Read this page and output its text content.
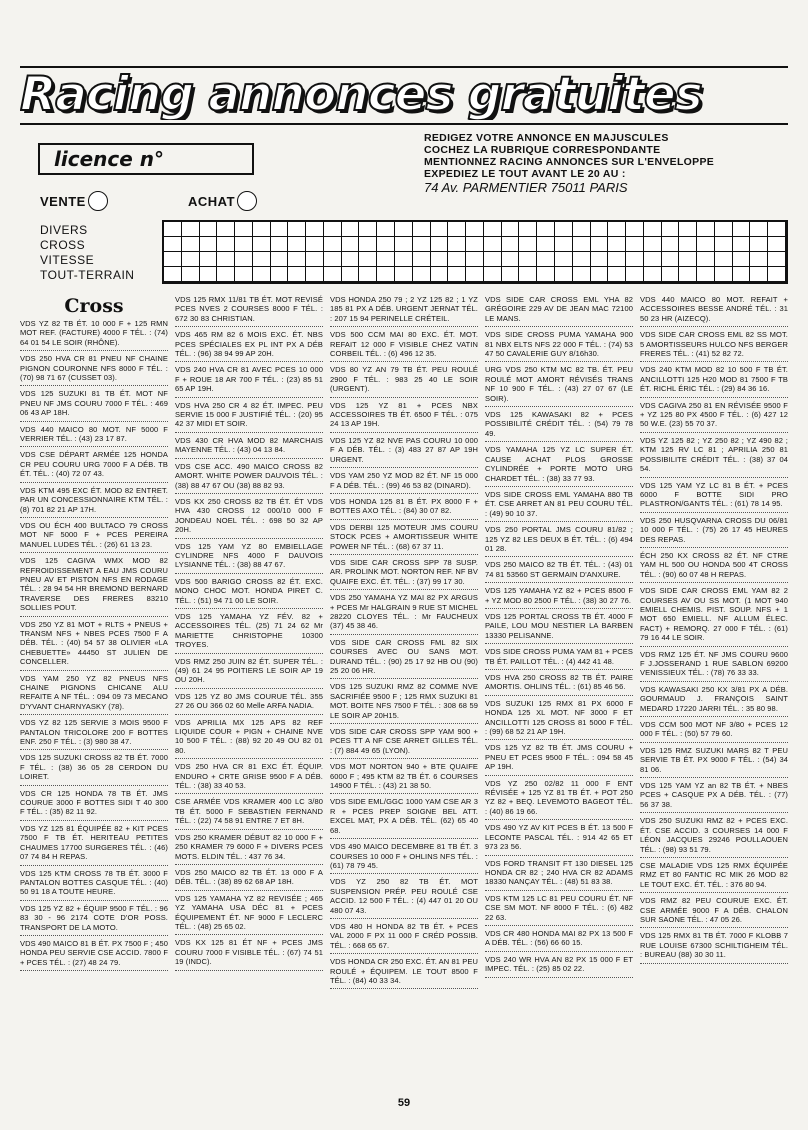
Racing annonces gratuites
licence n°
REDIGEZ VOTRE ANNONCE EN MAJUSCULES
COCHEZ LA RUBRIQUE CORRESPONDANTE
MENTIONNEZ RACING ANNONCES SUR L'ENVELOPPE
EXPEDIEZ LE TOUT AVANT LE 20 AU :
74 Av. PARMENTIER 75011 PARIS
VENTE	ACHAT
DIVERS
CROSS
VITESSE
TOUT-TERRAIN
Cross
VDS YZ 82 TB ÉT. 10 000 F + 125 RMN MOT REF. (FACTURE) 4000 F TÉL. : (74) 64 01 54 LE SOIR (RHÔNE).
VDS 250 HVA CR 81 PNEU NF CHAINE PIGNON COURONNE NFS 8000 F TÉL. : (70) 98 71 67 (CUSSET 03).
VDS 125 SUZUKI 81 TB ÉT. MOT NF PNEU NF JMS COURU 7000 F TÉL. : 469 06 43 AP 18H.
VDS 440 MAICO 80 MOT. NF 5000 F VERRIER TÉL. : (43) 23 17 87.
VDS CSE DÉPART ARMÉE 125 HONDA CR PEU COURU URG 7000 F A DÉB. TB ÉT. TÉL. : (40) 72 07 43.
VDS KTM 495 EXC ÉT. MOD 82 ENTRET. PAR UN CONCESSIONNAIRE KTM TÉL. : (8) 701 82 21 AP 17H.
VDS OU ÉCH 400 BULTACO 79 CROSS MOT NF 5000 F + PCES PEREIRA MANUEL LUDES TÉL. : (26) 61 13 23.
VDS 125 CAGIVA WMX MOD 82 REFROIDISSEMENT A EAU JMS COURU PNEU AV ET PISTON NFS EN RODAGE TÉL. : 28 94 54 HR BREMOND BERNARD TRAVERSE DES FRERES 83210 SOLLIES POUT.
VDS 250 YZ 81 MOT + RLTS + PNEUS + TRANSM NFS + NBES PCES 7500 F A DÉB. TÉL. : (40) 54 57 38 OLIVIER «LA CHEBUETTE» 44450 ST JULIEN DE CONCELLER.
VDS YAM 250 YZ 82 PNEUS NFS CHAINE PIGNONS CHICANE ALU REFAITE A NF TÉL. : 094 09 73 MECANO D'YVANT CHARNYASKY (78).
VDS YZ 82 125 SERVIE 3 MOIS 9500 F PANTALON TRICOLORE 200 F BOTTES ENF. 250 F TÉL. : (3) 980 38 47.
VDS 125 SUZUKI CROSS 82 TB ÉT. 7000 F TÉL. : (38) 36 05 28 CERDON DU LOIRET.
VDS CR 125 HONDA 78 TB ÉT. JMS COURUE 3000 F BOTTES SIDI T 40 300 F TÉL. : (35) 82 11 92.
VDS YZ 125 81 ÉQUIPÉE 82 + KIT PCES 7500 F TB ÉT. HERITEAU PETITES CHAUMES 17700 SURGERES TÉL. : (46) 07 74 84 H REPAS.
VDS 125 KTM CROSS 78 TB ÉT. 3000 F PANTALON BOTTES CASQUE TÉL. : (40) 50 91 18 A TOUTE HEURE.
VDS 125 YZ 82 + ÉQUIP 9500 F TÉL. : 96 83 30 - 96 2174 COTE D'OR POSS. TRANSPORT DE LA MOTO.
VDS 490 MAICO 81 B ÉT. PX 7500 F ; 450 HONDA PEU SERVIE CSE ACCID. 7800 F + PCES TÉL. : (27) 48 24 79.
VDS 125 RMX 11/81 TB ÉT. MOT REVISÉ PCES NVES 2 COURSES 8000 F TÉL. : 672 30 83 CHRISTIAN.
VDS 465 RM 82 6 MOIS EXC. ÉT. NBS PCES SPÉCIALES EX PL INT PX A DÉB TÉL. : (96) 38 94 99 AP 20H.
VDS 240 HVA CR 81 AVEC PCES 10 000 F + ROUE 18 AR 700 F TÉL. : (23) 85 51 65 AP 19H.
VDS HVA 250 CR 4 82 ÉT. IMPEC. PEU SERVIE 15 000 F JUSTIFIÉ TÉL. : (20) 95 42 37 MIDI ET SOIR.
VDS 430 CR HVA MOD 82 MARCHAIS MAYENNE TÉL. : (43) 04 13 84.
VDS CSE ACC. 490 MAICO CROSS 82 AMORT. WHITE POWER DAUVOIS TÉL. : (38) 88 47 67 OU (38) 88 82 93.
VDS KX 250 CROSS 82 TB ÉT. ÉT VDS HVA 430 CROSS 12 000/10 000 F JONDEAU NOEL TÉL. : 698 50 32 AP 20H.
VDS 125 YAM YZ 80 EMBIELLAGE CYLINDRE NFS 4000 F DAUVOIS LYSIANNE TÉL. : (38) 88 47 67.
VDS 500 BARIGO CROSS 82 ÉT. EXC. MONO CHOC MOT. HONDA PIRET C. TÉL. : (51) 94 71 00 LE SOIR.
VDS 125 YAMAHA YZ FÉV. 82 + ACCESSOIRES TÉL. (25) 71 24 62 Mr MARIETTE CHRISTOPHE 10300 TROYES.
VDS RMZ 250 JUIN 82 ÉT. SUPER TÉL. : (49) 61 24 95 POITIERS LE SOIR AP 19 OU 20H.
VDS 125 YZ 80 JMS COURUE TÉL. 355 27 26 OU 366 02 60 Melle ARFA NADIA.
VDS APRILIA MX 125 APS 82 REF LIQUIDE COUR + PIGN + CHAINE NVE 10 500 F TÉL. : (88) 92 20 49 OU 82 01 80.
VDS 250 HVA CR 81 EXC ÉT. ÉQUIP. ENDURO + CRTE GRISE 9500 F A DÉB. TÉL. : (38) 33 40 53.
CSE ARMÉE VDS KRAMER 400 LC 3/80 TB ÉT. 5000 F SEBASTIEN FERNAND TÉL. : (22) 74 58 91 ENTRE 7 ET 8H.
VDS 250 KRAMER DÉBUT 82 10 000 F + 250 KRAMER 79 6000 F + DIVERS PCES MOTS. ELDIN TÉL. : 437 76 34.
VDS 250 MAICO 82 TB ÉT. 13 000 F A DÉB. TÉL. : (38) 89 62 68 AP 18H.
VDS 125 YAMAHA YZ 82 REVISÉE ; 465 YZ YAMAHA USA DÉC 81 + PCES ÉQUIPEMENT ÉT. NF 9000 F LECLERC TÉL. : (48) 25 65 02.
VDS KX 125 81 ÉT NF + PCES JMS COURU 7000 F VISIBLE TÉL. : (67) 74 51 19 (INDC).
VDS HONDA 250 79 ; 2 YZ 125 82 ; 1 YZ 185 81 PX A DÉB. URGENT JERNAT TÉL. : 207 15 94 PERINELLE CRÉTEIL.
VDS 500 CCM MAI 80 EXC. ÉT. MOT. REFAIT 12 000 F VISIBLE CHEZ VATIN CORBEIL TÉL. : (6) 496 12 35.
VDS 80 YZ AN 79 TB ÉT. PEU ROULÉ 2900 F TÉL. : 983 25 40 LE SOIR (URGENT).
VDS 125 YZ 81 + PCES NBX ACCESSOIRES TB ÉT. 6500 F TÉL. : 075 24 13 AP 19H.
VDS 125 YZ 82 NVE PAS COURU 10 000 F A DÉB. TÉL. : (3) 483 27 87 AP 19H URGENT.
VDS YAM 250 YZ MOD 82 ÉT. NF 15 000 F A DÉB. TÉL. : (99) 46 53 82 (DINARD).
VDS HONDA 125 81 B ÉT. PX 8000 F + BOTTES AXO TÉL. : (84) 30 07 82.
VDS DERBI 125 MOTEUR JMS COURU STOCK PCES + AMORTISSEUR WHITE POWER NF TÉL. : (68) 67 37 11.
VDS SIDE CAR CROSS SPP 78 SUSP. AR. PROLINK MOT. NORTON REF. NF BV QUAIFE EXC. ÉT. TÉL. : (37) 99 17 30.
VDS 250 YAMAHA YZ MAI 82 PX ARGUS + PCES Mr HALGRAIN 9 RUE ST MICHEL 28220 CLOYES TÉL. : Mr FAUCHEUX (37) 45 38 46.
VDS SIDE CAR CROSS FML 82 SIX COURSES AVEC OU SANS MOT. DURAND TÉL. : (90) 25 17 92 HB OU (90) 25 20 06 HR.
VDS 125 SUZUKI RMZ 82 COMME NVE SACRIFIÉE 9500 F ; 125 RMX SUZUKI 81 MOT. BOITE NFS 7500 F TÉL. : 308 68 59 LE SOIR AP 20H15.
VDS SIDE CAR CROSS SPP YAM 900 + PCES TT A NF CSE ARRET GILLES TÉL. : (7) 884 49 65 (LYON).
VDS MOT NORTON 940 + BTE QUAIFE 6000 F ; 495 KTM 82 TB ÉT. 6 COURSES 14900 F TÉL. : (43) 21 38 50.
VDS SIDE EML/GGC 1000 YAM CSE AR 3 R + PCES PREP SOIGNE BEL ATT. EXCEL MAT, PX A DÉB. TÉL. (62) 65 40 68.
VDS 490 MAICO DECEMBRE 81 TB ÉT. 3 COURSES 10 000 F + OHLINS NFS TÉL. : (61) 78 79 45.
VDS YZ 250 82 TB ÉT. MOT SUSPENSION PRÉP. PEU ROULÉ CSE ACCID. 12 500 F TÉL. : (4) 447 01 20 OU 480 07 43.
VDS 480 H HONDA 82 TB ÉT. + PCES VAL 2000 F PX 11 000 F CRÉD POSSIB. TÉL. : 668 65 67.
VDS HONDA CR 250 EXC. ÉT. AN 81 PEU ROULÉ + ÉQUIPEM. LE TOUT 8500 F TÉL. : (84) 40 33 34.
VDS SIDE CAR CROSS EML YHA 82 GRÉGOIRE 229 AV DE JEAN MAC 72100 LE MANS.
VDS SIDE CROSS PUMA YAMAHA 900 81 NBX ELTS NFS 22 000 F TÉL. : (74) 53 47 50 CAVALERIE GUY 8/16h30.
URG VDS 250 KTM MC 82 TB. ÉT. PEU ROULÉ MOT AMORT RÉVISÉS TRANS NF 10 900 F TÉL. : (43) 27 07 67 (LE SOIR).
VDS 125 KAWASAKI 82 + PCES POSSIBILITÉ CRÉDIT TÉL. : (54) 79 78 49.
VDS YAMAHA 125 YZ LC SUPER ÉT. CAUSE ACHAT PLOS GROSSE CYLINDRÉE + PORTE MOTO URG CHARDET TÉL. : (38) 33 77 93.
VDS SIDE CROSS EML YAMAHA 880 TB ÉT. CSE ARRET AN 81 PEU COURU TÉL. : (49) 90 10 37.
VDS 250 PORTAL JMS COURU 81/82 ; 125 YZ 82 LES DEUX B ÉT. TÉL. : (6) 494 01 28.
VDS 250 MAICO 82 TB ÉT. TÉL. : (43) 01 74 81 53560 ST GERMAIN D'ANXURE.
VDS 125 YAMAHA YZ 82 + PCES 8500 F + YZ MOD 80 2500 F TÉL. : (38) 30 27 76.
VDS 125 PORTAL CROSS TB ÉT. 4000 F PAILE, LOU MOU NESTIER LA BARBEN 13330 PELISANNE.
VDS SIDE CROSS PUMA YAM 81 + PCES TB ÉT. PAILLOT TÉL. : (4) 442 41 48.
VDS HVA 250 CROSS 82 TB ÉT. PAIRE AMORTIS. OHLINS TÉL. : (61) 85 46 56.
VDS SUZUKI 125 RMX 81 PX 6000 F HONDA 125 XL MOT. NF 3000 F ET ANCILLOTTI 125 CROSS 81 5000 F TÉL. : (99) 68 52 21 AP 19H.
VDS 125 YZ 82 TB ÉT. JMS COURU + PNEU ET PCES 9500 F TÉL. : 094 58 45 AP 19H.
VDS YZ 250 02/82 11 000 F ENT RÉVISÉE + 125 YZ 81 TB ÉT. + POT 250 YZ 82 + BEQ. LEVEMOTO BAGEOT TÉL. : (40) 86 19 66.
VDS 490 YZ AV KIT PCES B ÉT. 13 500 F LECONTE PASCAL TÉL. : 914 42 65 ET 973 23 56.
VDS FORD TRANSIT FT 130 DIESEL 125 HONDA CR 82 ; 240 HVA CR 82 ADAMS 18330 NANÇAY TÉL. : (48) 51 83 38.
VDS KTM 125 LC 81 PEU COURU ÉT. NF CSE SM MOT. NF 8000 F TÉL. : (6) 482 22 63.
VDS CR 480 HONDA MAI 82 PX 13 500 F A DÉB. TÉL. : (56) 66 60 15.
VDS 240 WR HVA AN 82 PX 15 000 F ET IMPEC. TÉL. : (25) 85 02 22.
VDS 440 MAICO 80 MOT. REFAIT + ACCESSOIRES BESSE ANDRÉ TÉL. : 31 50 23 HR (AIZECQ).
VDS SIDE CAR CROSS EML 82 SS MOT. 5 AMORTISSEURS HULCO NFS BERGER FRERES TÉL. : (41) 52 82 72.
VDS 240 KTM MOD 82 10 500 F TB ÉT. ANCILLOTTI 125 H20 MOD 81 7500 F TB ÉT. RICHL ÉRIC TÉL. : (29) 84 36 16.
VDS CAGIVA 250 81 EN RÉVISÉE 9500 F + YZ 125 80 PX 4500 F TÉL. : (6) 427 12 50 W.E. (23) 55 70 37.
VDS YZ 125 82 ; YZ 250 82 ; YZ 490 82 ; KTM 125 RV LC 81 ; APRILIA 250 81 POSSIBILITE CRÉDIT TÉL. : (38) 37 04 54.
VDS 125 YAM YZ LC 81 B ÉT. + PCES 6000 F BOTTE SIDI PRO PLASTRON/GANTS TÉL. : (61) 78 14 95.
VDS 250 HUSQVARNA CROSS DU 06/81 10 000 F TÉL. : (75) 26 17 45 HEURES DES REPAS.
ÉCH 250 KX CROSS 82 ÉT. NF CTRE YAM HL 500 OU HONDA 500 4T CROSS TÉL. : (90) 60 07 48 H REPAS.
VDS SIDE CAR CROSS EML YAM 82 2 COURSES AV OU SS MOT. (1 MOT 940 EMIELL CHEMIS. PIST. SOUP. NFS + 1 MOT 650 EMIELL. NF ALLUM ÉLEC. FACT) + REMORQ. 27 000 F TÉL. : (61) 79 16 44 LE SOIR.
VDS RMZ 125 ÉT. NF JMS COURU 9600 F J.JOSSERAND 1 RUE SABLON 69200 VENISSIEUX TÉL. : (78) 76 33 33.
VDS KAWASAKI 250 KX 3/81 PX A DÉB. GOURMAUD J. FRANÇOIS SAINT MEDARD 17220 JARRI TÉL. : 35 80 98.
VDS CCM 500 MOT NF 3/80 + PCES 12 000 F TÉL. : (50) 57 79 60.
VDS 125 RMZ SUZUKI MARS 82 T PEU SERVIE TB ÉT. PX 9000 F TÉL. : (54) 34 81 06.
VDS 125 YAM YZ an 82 TB ÉT. + NBES PCES + CASQUE PX A DÉB. TÉL. : (77) 56 37 38.
VDS 250 SUZUKI RMZ 82 + PCES EXC. ÉT. CSE ACCID. 3 COURSES 14 000 F LÉON JACQUES 29246 POULLAOUEN TÉL. : (98) 93 51 79.
CSE MALADIE VDS 125 RMX ÉQUIPÉE RMZ ET 80 FANTIC RC MIK 26 MOD 82 LE TOUT EXC. ÉT. TÉL. : 376 80 94.
VDS RMZ 82 PEU COURUE EXC. ÉT. CSE ARMÉE 9000 F A DÉB. CHALON SUR SAONE TÉL. : 47 05 26.
VDS 125 RMX 81 TB ÉT. 7000 F KLOBB 7 RUE LOUISE 67300 SCHILTIGHEIM TÉL. : BUREAU (88) 30 30 11.
59
